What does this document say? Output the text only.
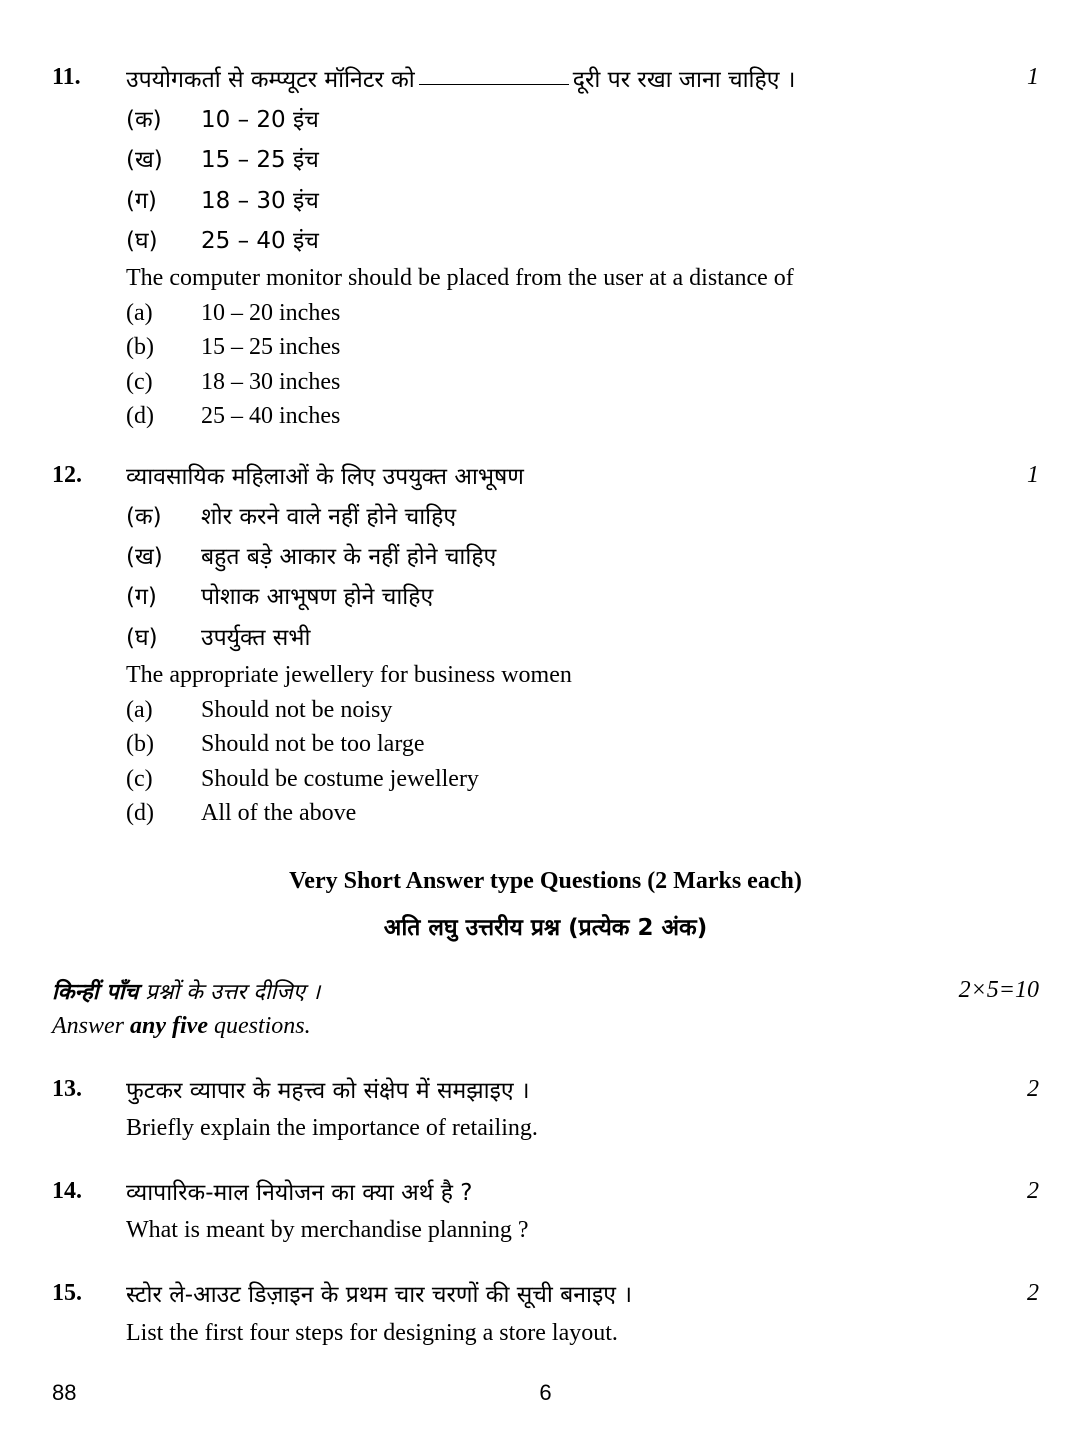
11. उपयोगकर्ता से कम्प्यूटर मॉनिटर को	दूरी पर रखा जाना चाहिए ।	1
(क) 10 – 20 इंच
(ख) 15 – 25 इंच
(ग) 18 – 30 इंच
(घ) 25 – 40 इंच
The computer monitor should be placed from the user at a distance of
(a) 10 – 20 inches
(b) 15 – 25 inches
(c) 18 – 30 inches
(d) 25 – 40 inches
12. व्यावसायिक महिलाओं के लिए उपयुक्त आभूषण	1
(क) शोर करने वाले नहीं होने चाहिए
(ख) बहुत बड़े आकार के नहीं होने चाहिए
(ग) पोशाक आभूषण होने चाहिए
(घ) उपर्युक्त सभी
The appropriate jewellery for business women
(a) Should not be noisy
(b) Should not be too large
(c) Should be costume jewellery
(d) All of the above
Very Short Answer type Questions (2 Marks each)
अति लघु उत्तरीय प्रश्न (प्रत्येक 2 अंक)
किन्हीं पाँच प्रश्नों के उत्तर दीजिए ।	2×5=10
Answer any five questions.
13. फुटकर व्यापार के महत्त्व को संक्षेप में समझाइए ।	2
Briefly explain the importance of retailing.
14. व्यापारिक-माल नियोजन का क्या अर्थ है ?	2
What is meant by merchandise planning ?
15. स्टोर ले-आउट डिज़ाइन के प्रथम चार चरणों की सूची बनाइए ।	2
List the first four steps for designing a store layout.
88	6
